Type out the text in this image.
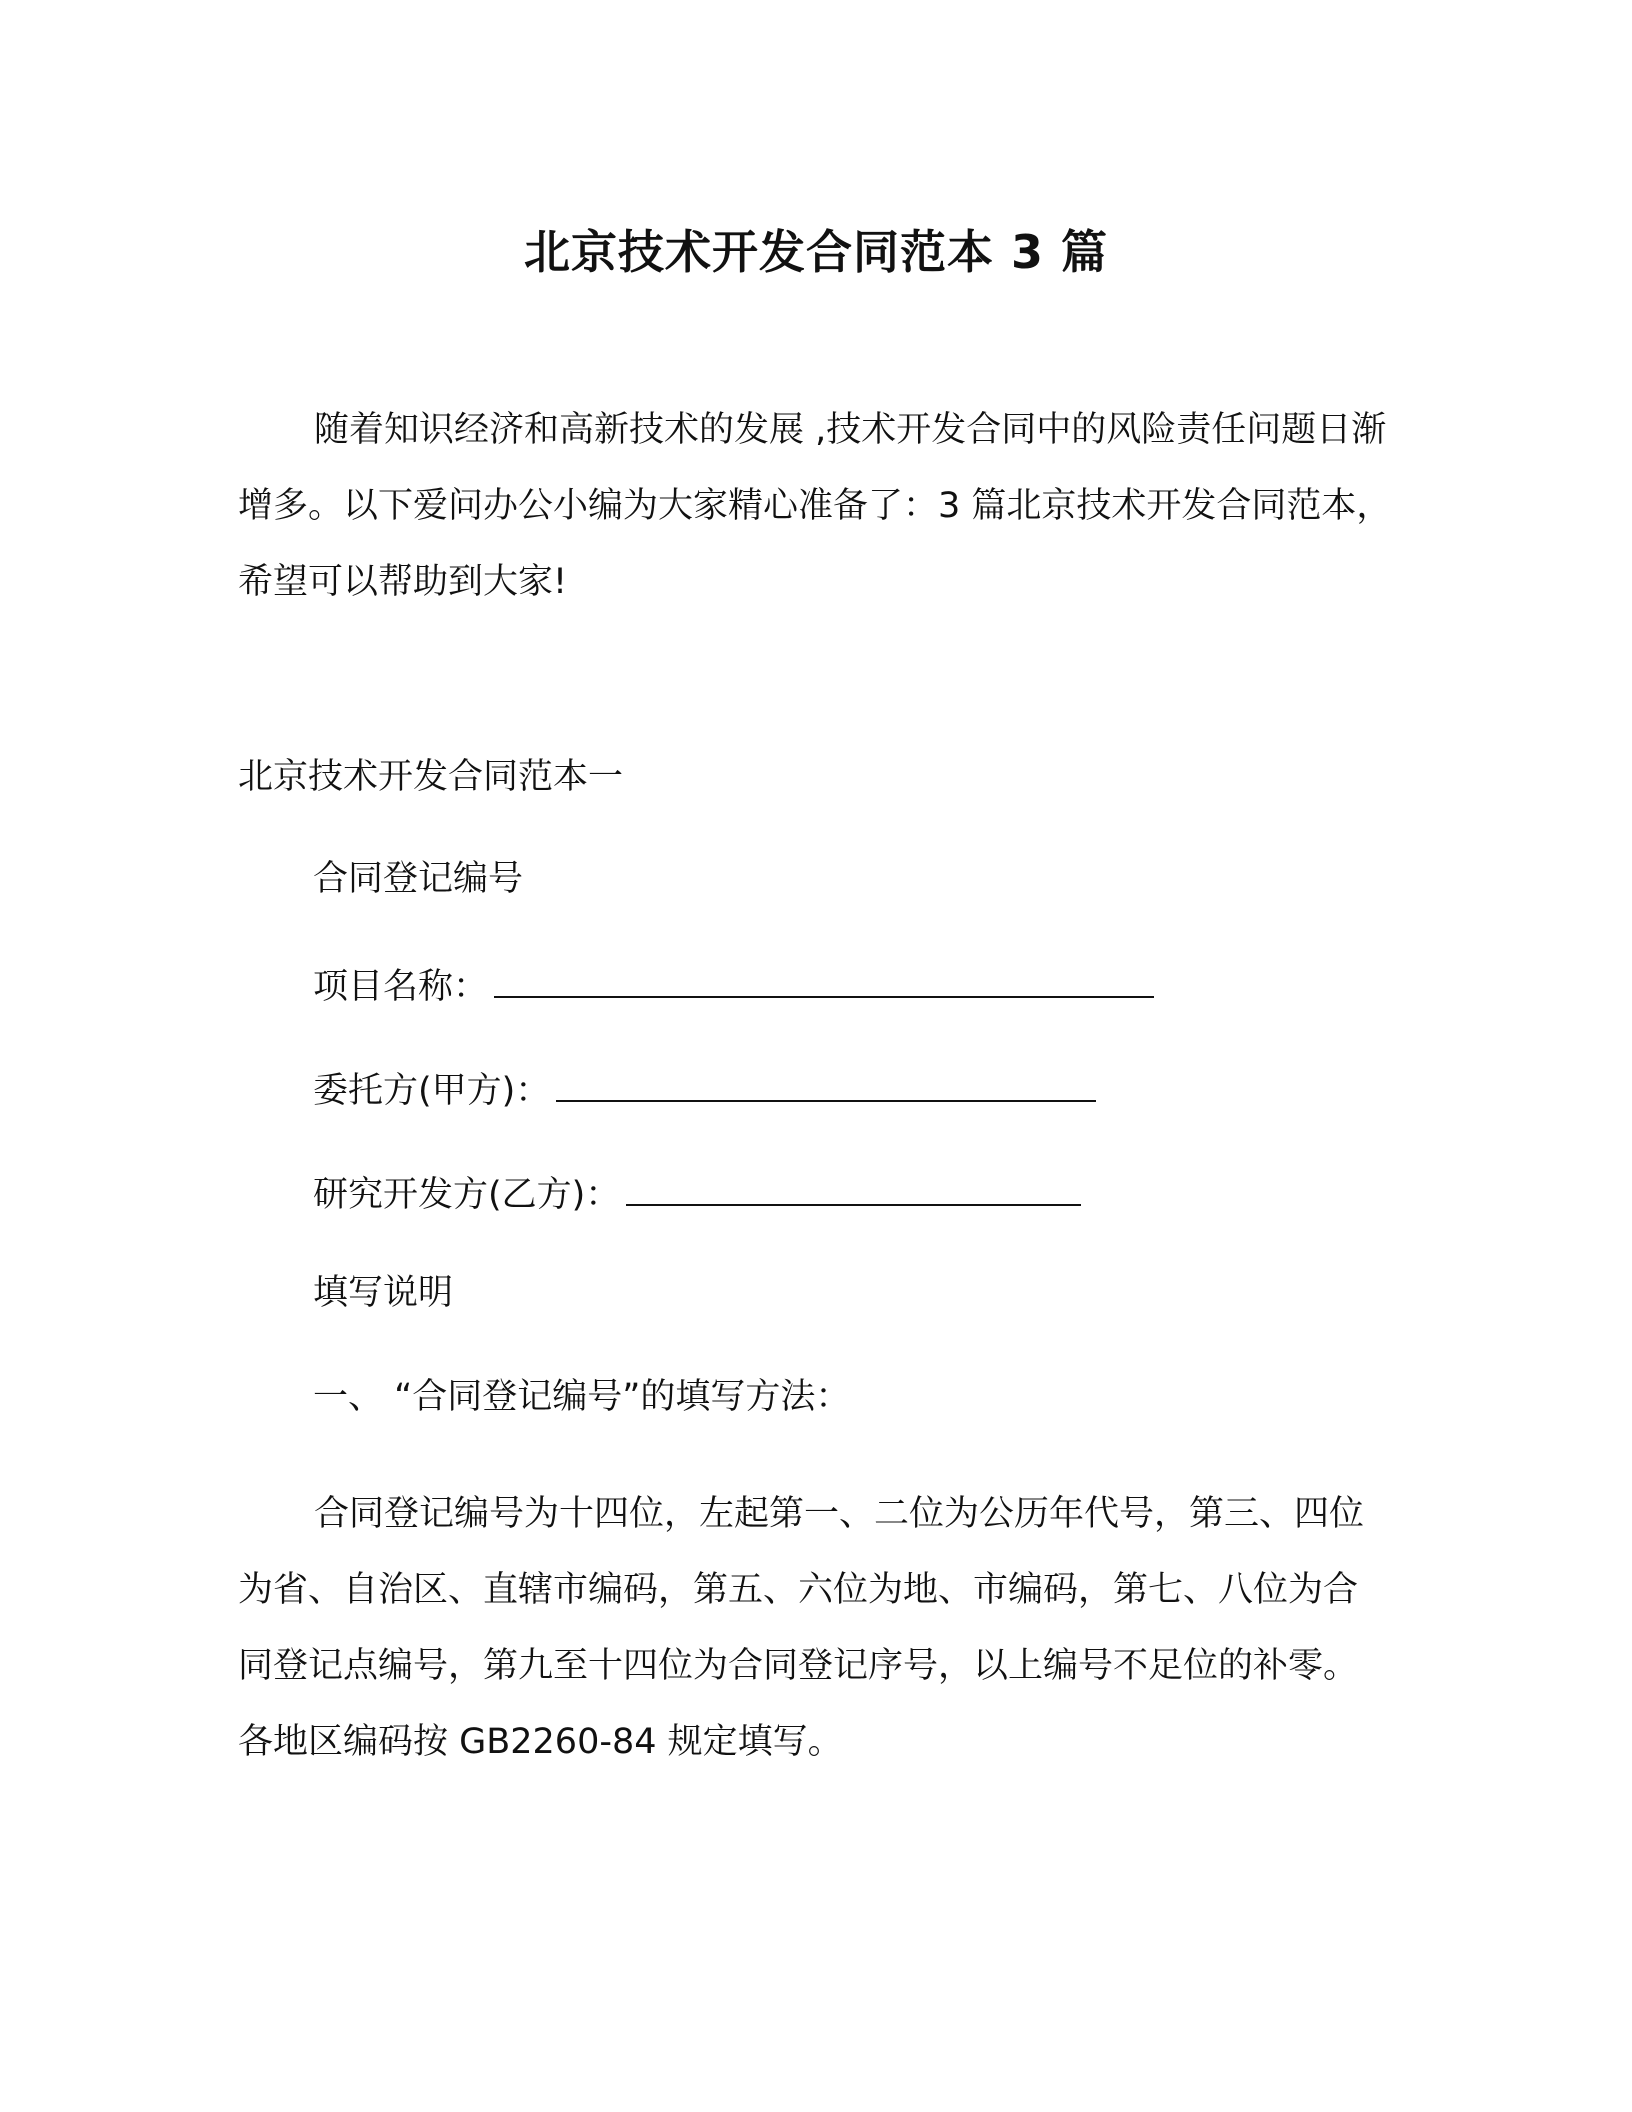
北京技术开发合同范本 3 篇
随着知识经济和高新技术的发展 ,技术开发合同中的风险责任问题日渐增多。以下爱问办公小编为大家精心准备了：3 篇北京技术开发合同范本，希望可以帮助到大家!
北京技术开发合同范本一
合同登记编号
项目名称：
委托方(甲方)：
研究开发方(乙方)：
填写说明
一、 “合同登记编号”的填写方法：
合同登记编号为十四位，左起第一、二位为公历年代号，第三、四位为省、自治区、直辖市编码，第五、六位为地、市编码，第七、八位为合同登记点编号，第九至十四位为合同登记序号，以上编号不足位的补零。各地区编码按 GB2260-84 规定填写。
